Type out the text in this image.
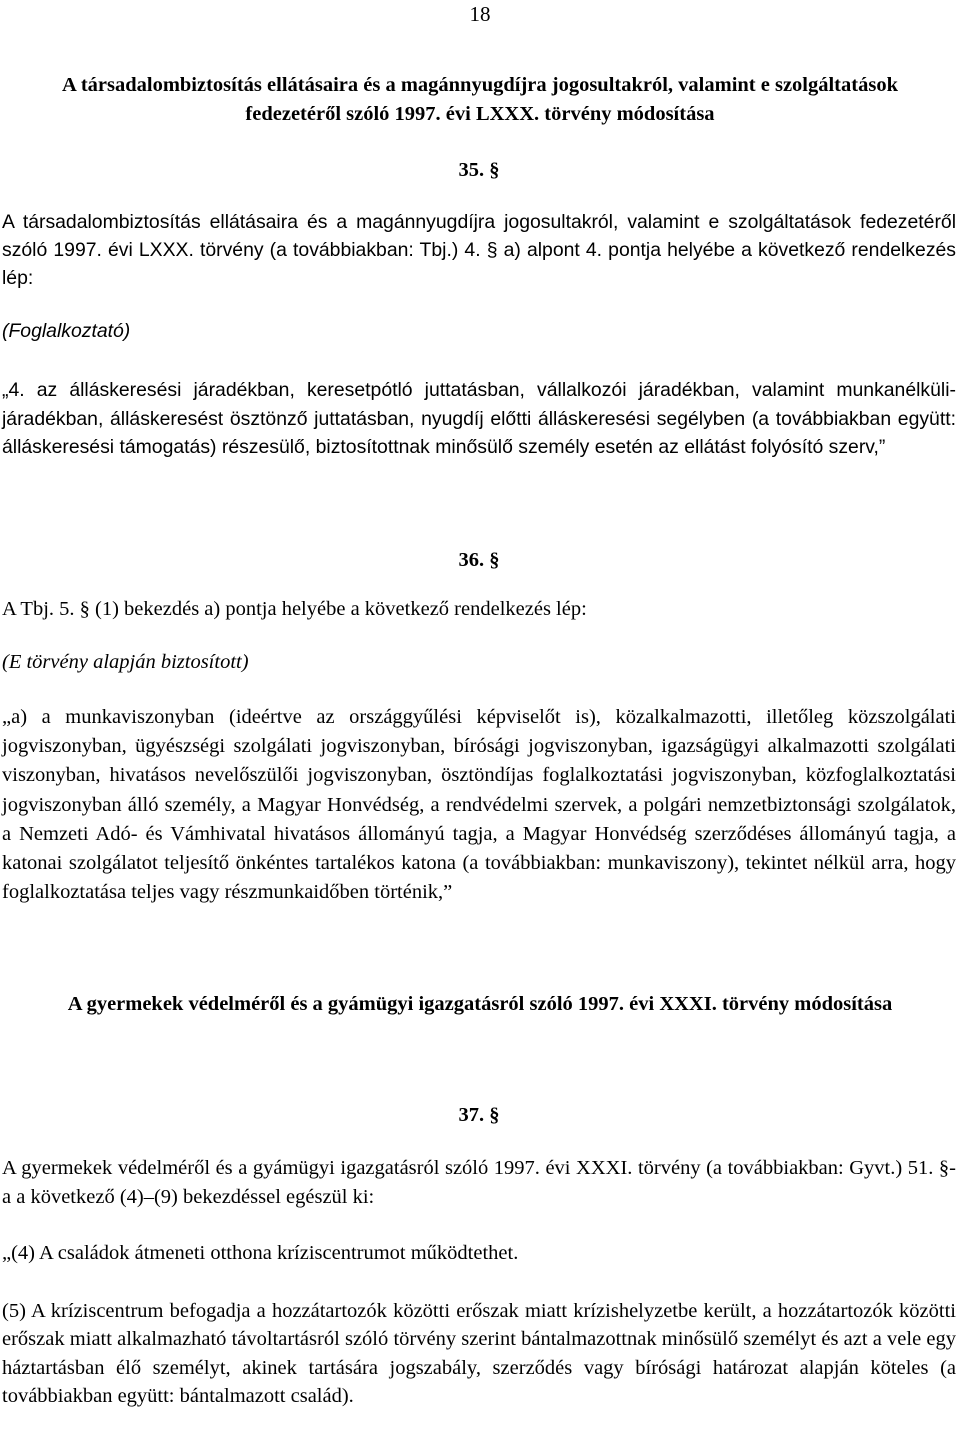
18
A társadalombiztosítás ellátásaira és a magánnyugdíjra jogosultakról, valamint e szolgáltatások fedezetéről szóló 1997. évi LXXX. törvény módosítása
35. §
A társadalombiztosítás ellátásaira és a magánnyugdíjra jogosultakról, valamint e szolgáltatások fedezetéről szóló 1997. évi LXXX. törvény (a továbbiakban: Tbj.) 4. § a) alpont 4. pontja helyébe a következő rendelkezés lép:
(Foglalkoztató)
„4. az álláskeresési járadékban, keresetpótló juttatásban, vállalkozói járadékban, valamint munkanélküli-járadékban, álláskeresést ösztönző juttatásban, nyugdíj előtti álláskeresési segélyben (a továbbiakban együtt: álláskeresési támogatás) részesülő, biztosítottnak minősülő személy esetén az ellátást folyósító szerv,”
36. §
A Tbj. 5. § (1) bekezdés a) pontja helyébe a következő rendelkezés lép:
(E törvény alapján biztosított)
„a) a munkaviszonyban (ideértve az országgyűlési képviselőt is), közalkalmazotti, illetőleg közszolgálati jogviszonyban, ügyészségi szolgálati jogviszonyban, bírósági jogviszonyban, igazságügyi alkalmazotti szolgálati viszonyban, hivatásos nevelőszülői jogviszonyban, ösztöndíjas foglalkoztatási jogviszonyban, közfoglalkoztatási jogviszonyban álló személy, a Magyar Honvédség, a rendvédelmi szervek, a polgári nemzetbiztonsági szolgálatok, a Nemzeti Adó- és Vámhivatal hivatásos állományú tagja, a Magyar Honvédség szerződéses állományú tagja, a katonai szolgálatot teljesítő önkéntes tartalékos katona (a továbbiakban: munkaviszony), tekintet nélkül arra, hogy foglalkoztatása teljes vagy részmunkaidőben történik,”
A gyermekek védelméről és a gyámügyi igazgatásról szóló 1997. évi XXXI. törvény módosítása
37. §
A gyermekek védelméről és a gyámügyi igazgatásról szóló 1997. évi XXXI. törvény (a továbbiakban: Gyvt.) 51. §-a a következő (4)–(9) bekezdéssel egészül ki:
„(4) A családok átmeneti otthona kríziscentrumot működtethet.
(5) A kríziscentrum befogadja a hozzátartozók közötti erőszak miatt krízishelyzetbe került, a hozzátartozók közötti erőszak miatt alkalmazható távoltartásról szóló törvény szerint bántalmazottnak minősülő személyt és azt a vele egy háztartásban élő személyt, akinek tartására jogszabály, szerződés vagy bírósági határozat alapján köteles (a továbbiakban együtt: bántalmazott család).
